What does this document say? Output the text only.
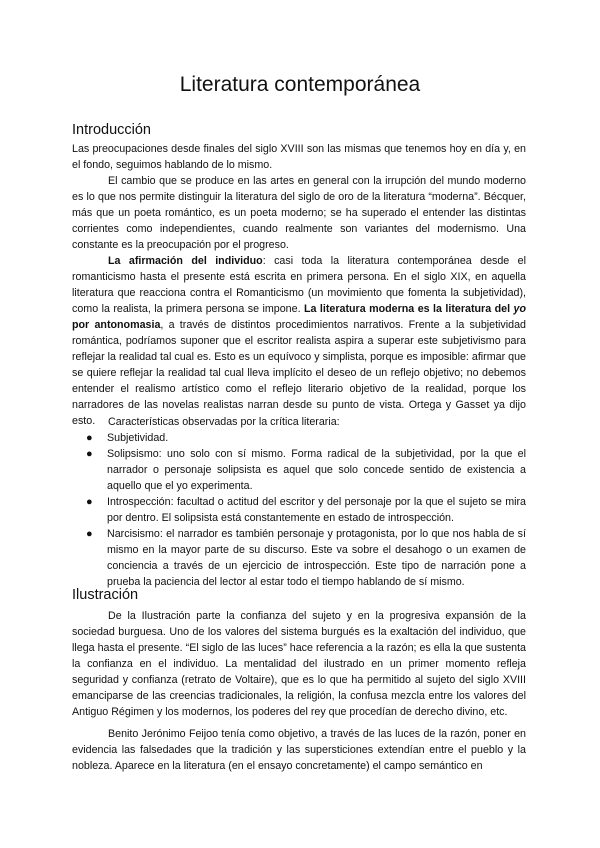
Literatura contemporánea
Introducción

Las preocupaciones desde finales del siglo XVIII son las mismas que tenemos hoy en día y, en el fondo, seguimos hablando de lo mismo.

El cambio que se produce en las artes en general con la irrupción del mundo moderno es lo que nos permite distinguir la literatura del siglo de oro de la literatura “moderna”. Bécquer, más que un poeta romántico, es un poeta moderno; se ha superado el entender las distintas corrientes como independientes, cuando realmente son variantes del modernismo. Una constante es la preocupación por el progreso.

La afirmación del individuo: casi toda la literatura contemporánea desde el romanticismo hasta el presente está escrita en primera persona. En el siglo XIX, en aquella literatura que reacciona contra el Romanticismo (un movimiento que fomenta la subjetividad), como la realista, la primera persona se impone. La literatura moderna es la literatura del yo por antonomasia, a través de distintos procedimientos narrativos. Frente a la subjetividad romántica, podríamos suponer que el escritor realista aspira a superar este subjetivismo para reflejar la realidad tal cual es. Esto es un equívoco y simplista, porque es imposible: afirmar que se quiere reflejar la realidad tal cual lleva implícito el deseo de un reflejo objetivo; no debemos entender el realismo artístico como el reflejo literario objetivo de la realidad, porque los narradores de las novelas realistas narran desde su punto de vista. Ortega y Gasset ya dijo esto.	Características observadas por la crítica literaria:

● Subjetividad.
● Solipsismo: uno solo con sí mismo. Forma radical de la subjetividad, por la que el narrador o personaje solipsista es aquel que solo concede sentido de existencia a aquello que el yo experimenta.
● Introspección: facultad o actitud del escritor y del personaje por la que el sujeto se mira por dentro. El solipsista está constantemente en estado de introspección.
● Narcisismo: el narrador es también personaje y protagonista, por lo que nos habla de sí mismo en la mayor parte de su discurso. Este va sobre el desahogo o un examen de conciencia a través de un ejercicio de introspección. Este tipo de narración pone a prueba la paciencia del lector al estar todo el tiempo hablando de sí mismo.
Ilustración

De la Ilustración parte la confianza del sujeto y en la progresiva expansión de la sociedad burguesa. Uno de los valores del sistema burgués es la exaltación del individuo, que llega hasta el presente. “El siglo de las luces” hace referencia a la razón; es ella la que sustenta la confianza en el individuo. La mentalidad del ilustrado en un primer momento refleja seguridad y confianza (retrato de Voltaire), que es lo que ha permitido al sujeto del siglo XVIII emanciparse de las creencias tradicionales, la religión, la confusa mezcla entre los valores del Antiguo Régimen y los modernos, los poderes del rey que procedían de derecho divino, etc.

Benito Jerónimo Feijoo tenía como objetivo, a través de las luces de la razón, poner en evidencia las falsedades que la tradición y las supersticiones extendían entre el pueblo y la nobleza. Aparece en la literatura (en el ensayo concretamente) el campo semántico en
